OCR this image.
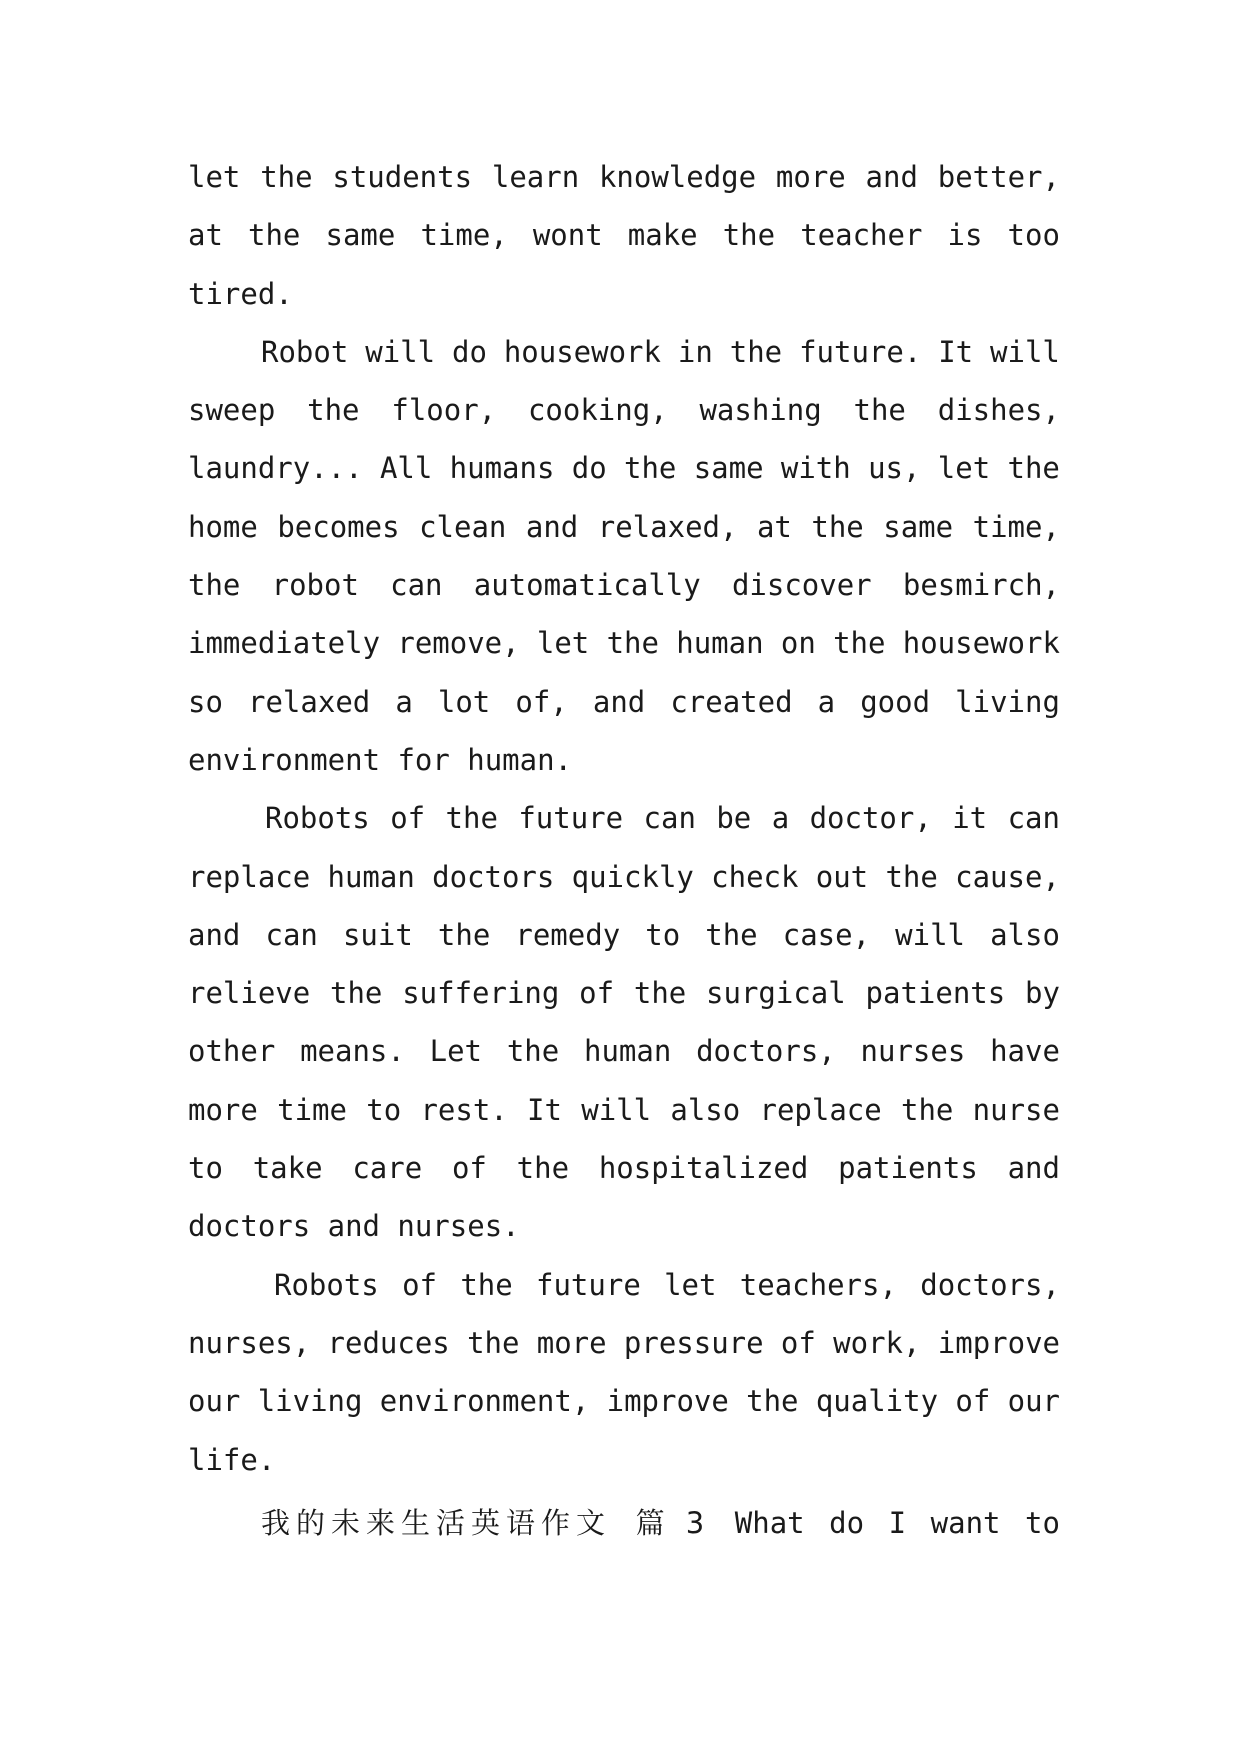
let the students learn knowledge more and better,
at the same time, wont make the teacher is too
tired.
Robot will do housework in the future. It will
sweep the floor, cooking, washing the dishes,
laundry... All humans do the same with us, let the
home becomes clean and relaxed, at the same time,
the robot can automatically discover besmirch,
immediately remove, let the human on the housework
so relaxed a lot of, and created a good living
environment for human.
Robots of the future can be a doctor, it can
replace human doctors quickly check out the cause,
and can suit the remedy to the case, will also
relieve the suffering of the surgical patients by
other means. Let the human doctors, nurses have
more time to rest. It will also replace the nurse
to take care of the hospitalized patients and
doctors and nurses.
Robots of the future let teachers, doctors,
nurses, reduces the more pressure of work, improve
our living environment, improve the quality of our
life.
我的未来生活英语作文 篇 3 What do I want to
